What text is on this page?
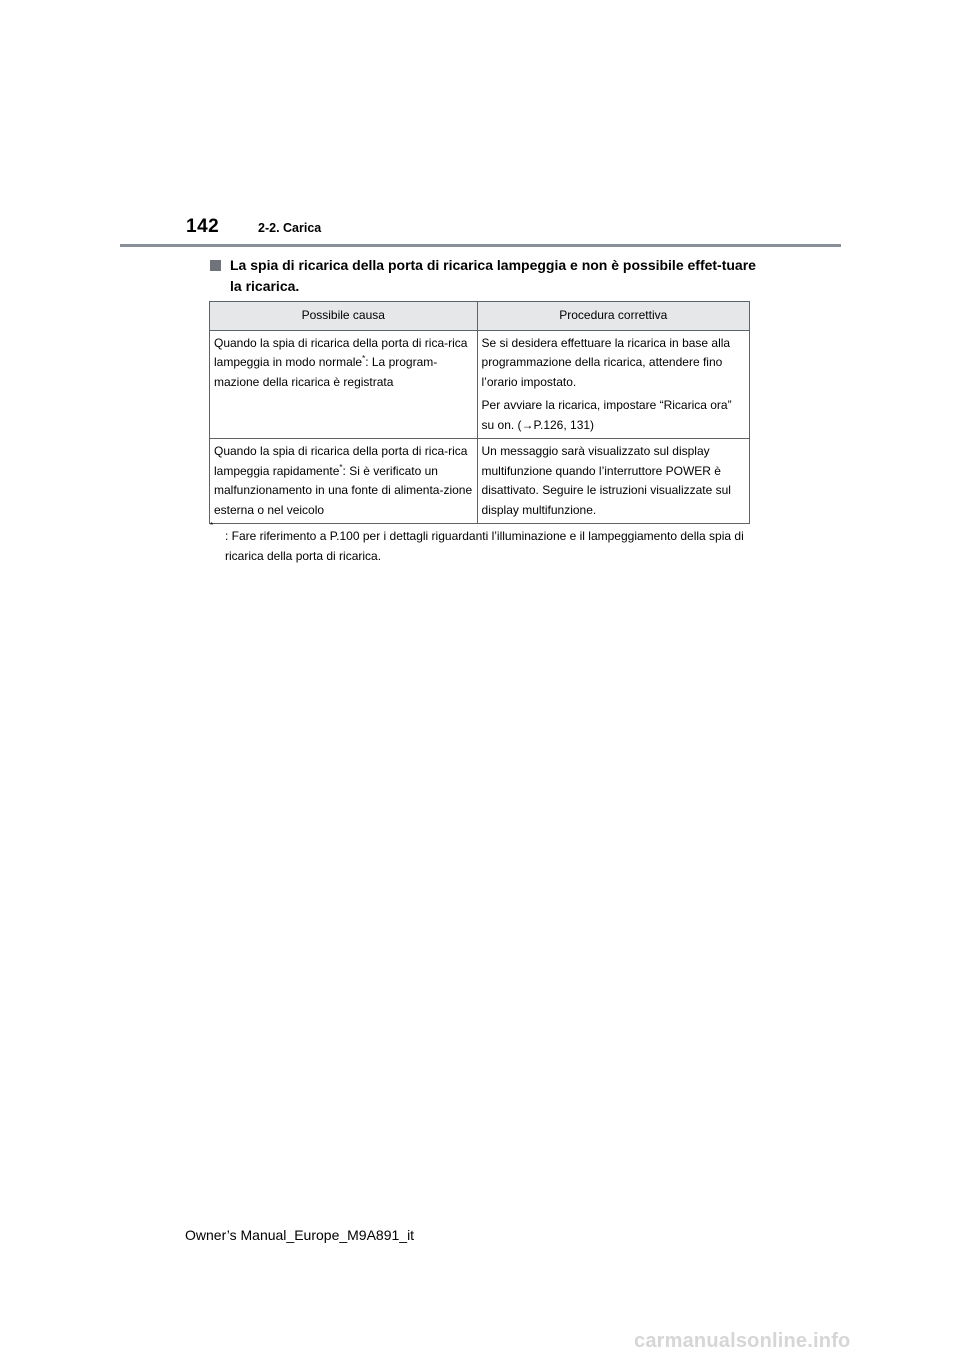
142	2-2. Carica
La spia di ricarica della porta di ricarica lampeggia e non è possibile effet-tuare la ricarica.
Possibile causa	Procedura correttiva
Quando la spia di ricarica della porta di rica-rica lampeggia in modo normale*: La program-mazione della ricarica è registrata	Se si desidera effettuare la ricarica in base alla programmazione della ricarica, attendere fino l’orario impostato.
Per avviare la ricarica, impostare “Ricarica ora” su on. (→P.126, 131)

Quando la spia di ricarica della porta di rica-rica lampeggia rapidamente*: Si è verificato un malfunzionamento in una fonte di alimenta-zione esterna o nel veicolo	Un messaggio sarà visualizzato sul display multifunzione quando l’interruttore POWER è disattivato. Seguire le istruzioni visualizzate sul display multifunzione.
*
: Fare riferimento a P.100 per i dettagli riguardanti l’illuminazione e il lampeggiamento della spia di ricarica della porta di ricarica.
Owner’s Manual_Europe_M9A891_it
carmanualsonline.info
